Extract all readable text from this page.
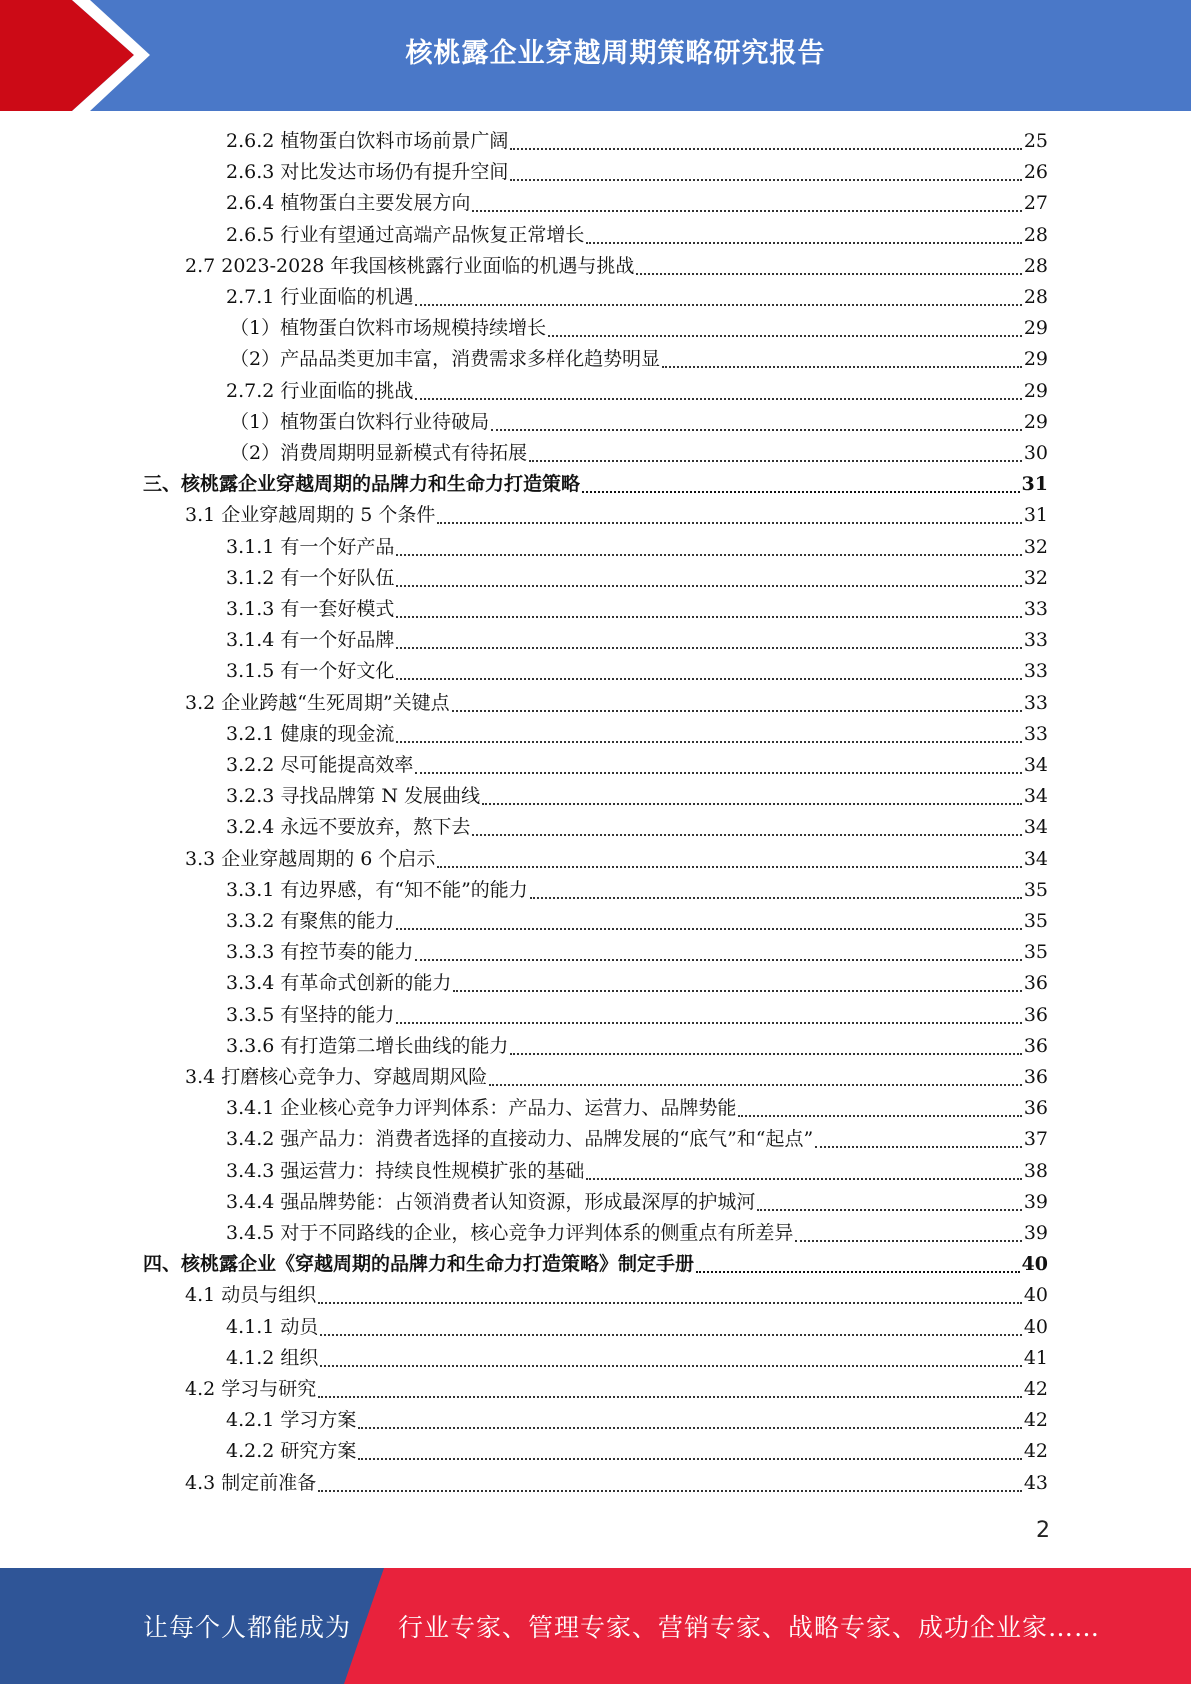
核桃露企业穿越周期策略研究报告
2.6.2 植物蛋白饮料市场前景广阔	25
2.6.3 对比发达市场仍有提升空间	26
2.6.4 植物蛋白主要发展方向	27
2.6.5 行业有望通过高端产品恢复正常增长	28
2.7 2023-2028 年我国核桃露行业面临的机遇与挑战	28
2.7.1 行业面临的机遇	28
（1）植物蛋白饮料市场规模持续增长	29
（2）产品品类更加丰富，消费需求多样化趋势明显	29
2.7.2 行业面临的挑战	29
（1）植物蛋白饮料行业待破局	29
（2）消费周期明显新模式有待拓展	30
三、核桃露企业穿越周期的品牌力和生命力打造策略	31
3.1 企业穿越周期的 5 个条件	31
3.1.1 有一个好产品	32
3.1.2 有一个好队伍	32
3.1.3 有一套好模式	33
3.1.4 有一个好品牌	33
3.1.5 有一个好文化	33
3.2 企业跨越“生死周期”关键点	33
3.2.1 健康的现金流	33
3.2.2 尽可能提高效率	34
3.2.3 寻找品牌第 N 发展曲线	34
3.2.4 永远不要放弃，熬下去	34
3.3 企业穿越周期的 6 个启示	34
3.3.1 有边界感，有“知不能”的能力	35
3.3.2 有聚焦的能力	35
3.3.3 有控节奏的能力	35
3.3.4 有革命式创新的能力	36
3.3.5 有坚持的能力	36
3.3.6 有打造第二增长曲线的能力	36
3.4 打磨核心竞争力、穿越周期风险	36
3.4.1 企业核心竞争力评判体系：产品力、运营力、品牌势能	36
3.4.2 强产品力：消费者选择的直接动力、品牌发展的“底气”和“起点”	37
3.4.3 强运营力：持续良性规模扩张的基础	38
3.4.4 强品牌势能：占领消费者认知资源，形成最深厚的护城河	39
3.4.5 对于不同路线的企业，核心竞争力评判体系的侧重点有所差异	39
四、核桃露企业《穿越周期的品牌力和生命力打造策略》制定手册	40
4.1 动员与组织	40
4.1.1 动员	40
4.1.2 组织	41
4.2 学习与研究	42
4.2.1 学习方案	42
4.2.2 研究方案	42
4.3 制定前准备	43
2
让每个人都能成为 行业专家、管理专家、营销专家、战略专家、成功企业家……
